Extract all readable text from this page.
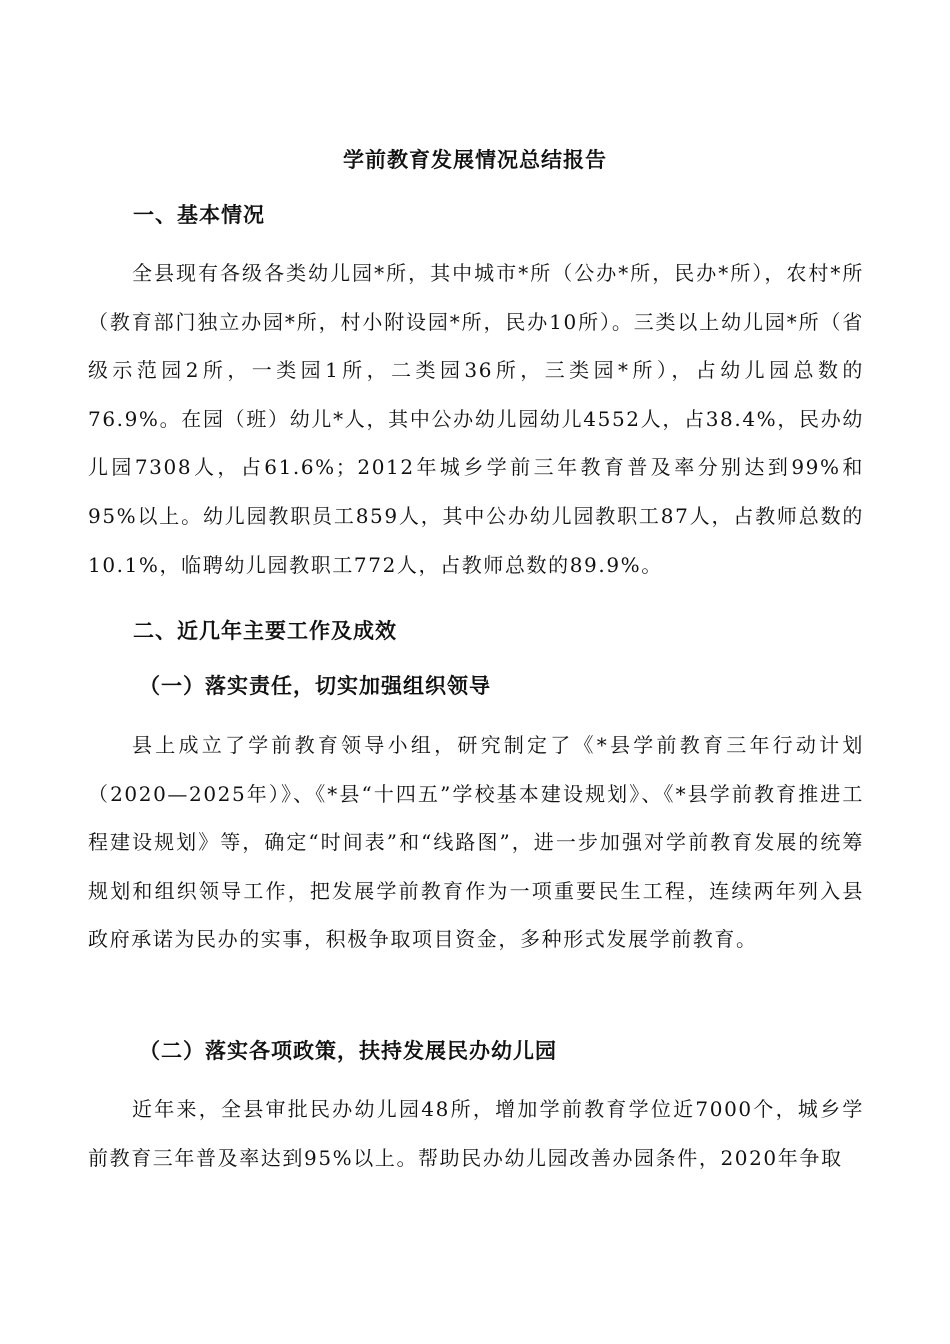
学前教育发展情况总结报告
一、基本情况

全县现有各级各类幼儿园*所，其中城市*所（公办*所，民办*所），农村*所（教育部门独立办园*所，村小附设园*所，民办10所）。三类以上幼儿园*所（省级示范园2所，一类园1所，二类园36所，三类园*所），占幼儿园总数的76.9%。在园（班）幼儿*人，其中公办幼儿园幼儿4552人，占38.4%，民办幼儿园7308人，占61.6%；2012年城乡学前三年教育普及率分别达到99%和95%以上。幼儿园教职员工859人，其中公办幼儿园教职工87人，占教师总数的10.1%，临聘幼儿园教职工772人，占教师总数的89.9%。

二、近几年主要工作及成效
（一）落实责任，切实加强组织领导

县上成立了学前教育领导小组，研究制定了《*县学前教育三年行动计划（2020—2025年）》、《*县“十四五”学校基本建设规划》、《*县学前教育推进工程建设规划》等，确定“时间表”和“线路图”，进一步加强对学前教育发展的统筹规划和组织领导工作，把发展学前教育作为一项重要民生工程，连续两年列入县政府承诺为民办的实事，积极争取项目资金，多种形式发展学前教育。

（二）落实各项政策，扶持发展民办幼儿园

近年来，全县审批民办幼儿园48所，增加学前教育学位近7000个，城乡学前教育三年普及率达到95%以上。帮助民办幼儿园改善办园条件，2020年争取
